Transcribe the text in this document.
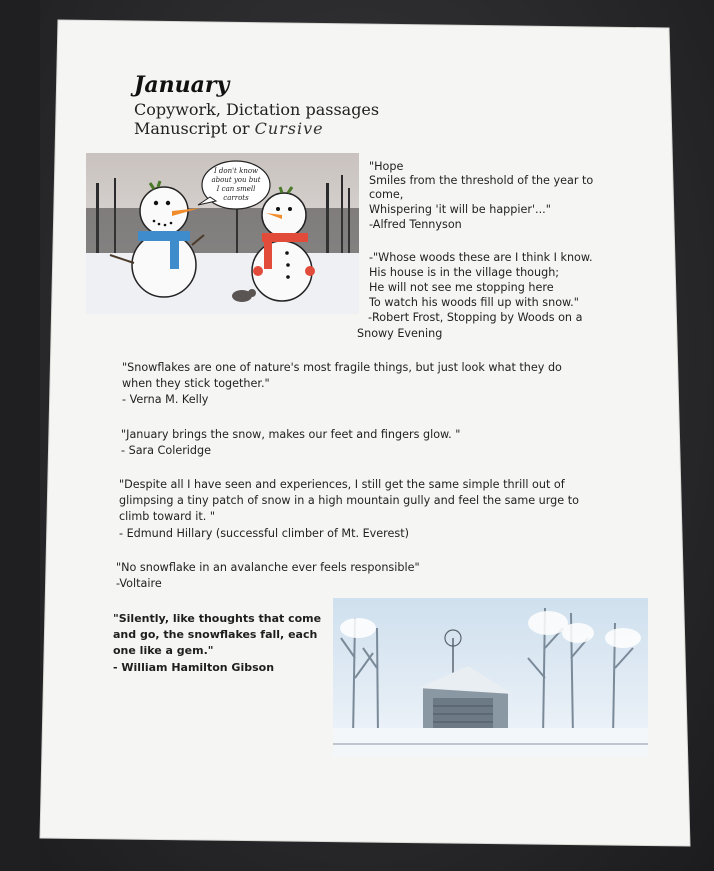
January
Copywork, Dictation passages
Manuscript or Cursive
I don't know
about you but
I can smell
carrots
"Hope
Smiles from the threshold of the year to
come,
Whispering 'it will be happier'..."
-Alfred Tennyson
-"Whose woods these are I think I know.
His house is in the village though;
He will not see me stopping here
To watch his woods fill up with snow."
-Robert Frost, Stopping by Woods on a
Snowy Evening
"Snowflakes are one of nature's most fragile things, but just look what they do
when they stick together."
- Verna M. Kelly
"January brings the snow, makes our feet and fingers glow. "
- Sara Coleridge
"Despite all I have seen and experiences, I still get the same simple thrill out of
glimpsing a tiny patch of snow in a high mountain gully and feel the same urge to
climb toward it. "
- Edmund Hillary (successful climber of Mt. Everest)
"No snowflake in an avalanche ever feels responsible"
-Voltaire
"Silently, like thoughts that come
and go, the snowflakes fall, each
one like a gem."
- William Hamilton Gibson
